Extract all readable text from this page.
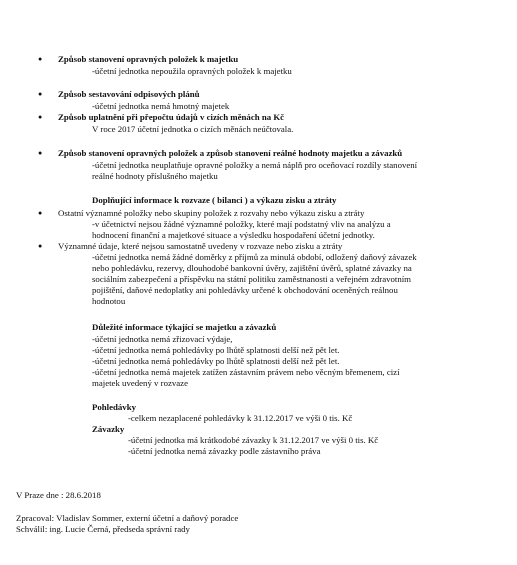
● Způsob stanovení opravných položek k majetku
-účetní jednotka nepoužila opravných položek k majetku
● Způsob sestavování odpisových plánů
-účetní jednotka nemá hmotný majetek
● Způsob uplatnění při přepočtu údajů v cizích měnách na Kč
V roce 2017 účetní jednotka o cizích měnách neúčtovala.
● Způsob stanovení opravných položek a způsob stanovení reálné hodnoty majetku a závazků
-účetní jednotka neuplatňuje opravné položky a nemá náplň pro oceňovací rozdíly stanovení
reálné hodnoty příslušného majetku
Doplňující informace k rozvaze ( bilanci ) a výkazu zisku a ztráty
● Ostatní významné položky nebo skupiny položek z rozvahy nebo výkazu zisku a ztráty
-v účetnictví nejsou žádné významné položky, které mají podstatný vliv na analýzu a
hodnocení finanční a majetkové situace a výsledku hospodaření účetní jednotky.
● Významné údaje, které nejsou samostatně uvedeny v rozvaze nebo zisku a ztráty
-účetní jednotka nemá žádné doměrky z příjmů za minulá období, odložený daňový závazek
nebo pohledávku, rezervy, dlouhodobé bankovní úvěry, zajištění úvěrů, splatné závazky na
sociálním zabezpečení a příspěvku na státní politiku zaměstnanosti a veřejném zdravotním
pojištění, daňové nedoplatky ani pohledávky určené k obchodování oceněných reálnou
hodnotou
Důležité informace týkající se majetku a závazků
-účetní jednotka nemá zřizovací výdaje,
-účetní jednotka nemá pohledávky po lhůtě splatnosti delší než pět let.
-účetní jednotka nemá pohledávky po lhůtě splatnosti delší než pět let.
-účetní jednotka nemá majetek zatížen zástavním právem nebo věcným břemenem, cizí
majetek uvedený v rozvaze
Pohledávky
-celkem nezaplacené pohledávky k 31.12.2017 ve výši 0 tis. Kč
Závazky
-účetní jednotka má krátkodobé závazky k 31.12.2017 ve výši 0 tis. Kč
-účetní jednotka nemá závazky podle zástavního práva
V Praze dne : 28.6.2018
Zpracoval: Vladislav Sommer, externí účetní a daňový poradce
Schválil: ing. Lucie Černá, předseda správní rady
